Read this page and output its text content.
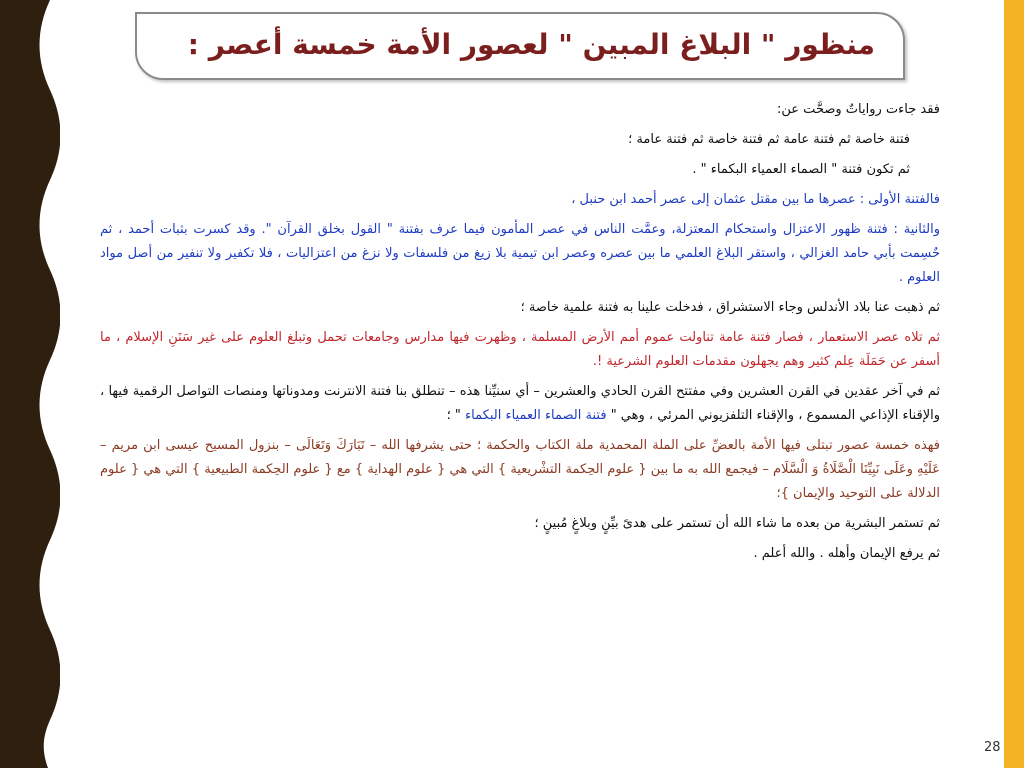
منظور " البلاغ المبين " لعصور الأمة خمسة أعصر :

فقد جاءت رواياتٌ وصحَّت عن:

فتنة خاصة ثم فتنة عامة ثم فتنة خاصة ثم فتنة عامة ؛

ثم تكون فتنة " الصماء العمياء البكماء " .

فالفتنة الأولى : عصرها ما بين مقتل عثمان إلى عصر أحمد ابن حنبل ،

والثانية : فتنة ظهور الاعتزال واستحكام المعتزلة، وعمَّت الناس في عصر المأمون فيما عرف بفتنة " القول بخلق القرآن ". وقد كسرت بثبات أحمد ، ثم حٌسِمت بأبي حامد الغزالي ، واستقر البلاغ العلمي ما بين عصره وعصر ابن تيمية بلا زيغ من فلسفات ولا نزغ من اعتزاليات ، فلا تكفير ولا تنفير من أصل مواد العلوم .

ثم ذهبت عنا بلاد الأندلس وجاء الاستشراق ، فدخلت علينا به فتنة علمية خاصة ؛

ثم تلاه عصر الاستعمار ، فصار فتنة عامة تناولت عموم أمم الأرض المسلمة ، وظهرت فيها مدارس وجامعات تحمل وتبلغ العلوم على غير سَنَنِ الإسلام ، ما أسفر عن حَمَلَة عِلم كثير وهم يجهلون مقدمات العلوم الشرعية !.

ثم في آخر عقدين في القرن العشرين وفي مفتتح القرن الحادي والعشرين – أي سنيِّنا هذه – تنطلق بنا فتنة الانترنت ومدوناتها ومنصات التواصل الرقمية فيها ، والإقناء الإذاعي المسموع ، والإقناء التلفزيوني المرئي ، وهي " فتنة الصماء العمياء البكماء " ؛

فهذه خمسة عصور تبتلى فيها الأمة بالعضِّ على الملة المحمدية ملة الكتاب والحكمة ؛ حتى يشرفها الله – تَبَارَكَ وَتَعَالَى – بنزول المسيح عيسى ابن مريم – عَلَيْهِ وعَلَى نَبِيِّنَا الْصَّلَاةُ وَ الْسَّلَام – فيجمع الله به ما بين { علوم الحِكمة التشْريعية } التي هي { علوم الهداية } مع { علوم الحِكمة الطبيعية } التي هي { علوم الدلالة على التوحيد والإيمان }؛

ثم تستمر البشرية من بعده ما شاء الله أن تستمر على هدىً بيِّنٍ وبلاغٍ مُبينٍ ؛

ثم يرفع الإيمان وأهله . والله أعلم .

28
